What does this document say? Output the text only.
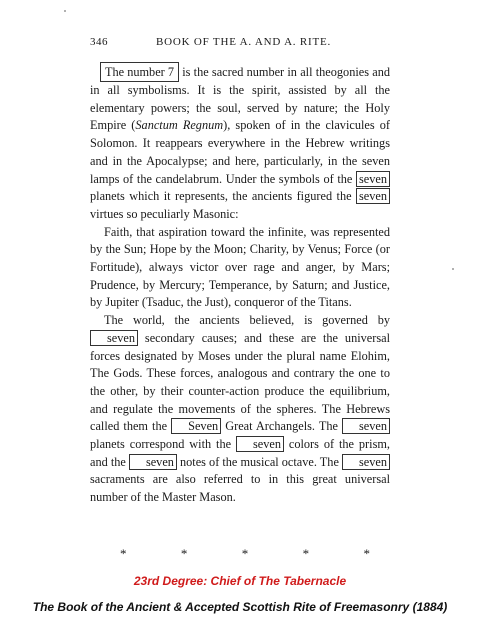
346	BOOK OF THE A. AND A. RITE.

The number 7 is the sacred number in all theogonies and in all symbolisms. It is the spirit, assisted by all the elementary powers; the soul, served by nature; the Holy Empire (Sanctum Regnum), spoken of in the clavicules of Solomon. It reappears everywhere in the Hebrew writings and in the Apocalypse; and here, particularly, in the seven lamps of the candelabrum. Under the symbols of the seven planets which it represents, the ancients figured the seven virtues so peculiarly Masonic:

Faith, that aspiration toward the infinite, was represented by the Sun; Hope by the Moon; Charity, by Venus; Force (or Fortitude), always victor over rage and anger, by Mars; Prudence, by Mercury; Temperance, by Saturn; and Justice, by Jupiter (Tsaduc, the Just), conqueror of the Titans.

The world, the ancients believed, is governed by seven secondary causes; and these are the universal forces designated by Moses under the plural name Elohim, The Gods. These forces, analogous and contrary the one to the other, by their counter-action produce the equilibrium, and regulate the movements of the spheres. The Hebrews called them the Seven Great Archangels. The seven planets correspond with the seven colors of the prism, and the seven notes of the musical octave. The seven sacraments are also referred to in this great universal number of the Master Mason.

*	*	*	*	*
23rd Degree: Chief of The Tabernacle
The Book of the Ancient & Accepted Scottish Rite of Freemasonry (1884)
